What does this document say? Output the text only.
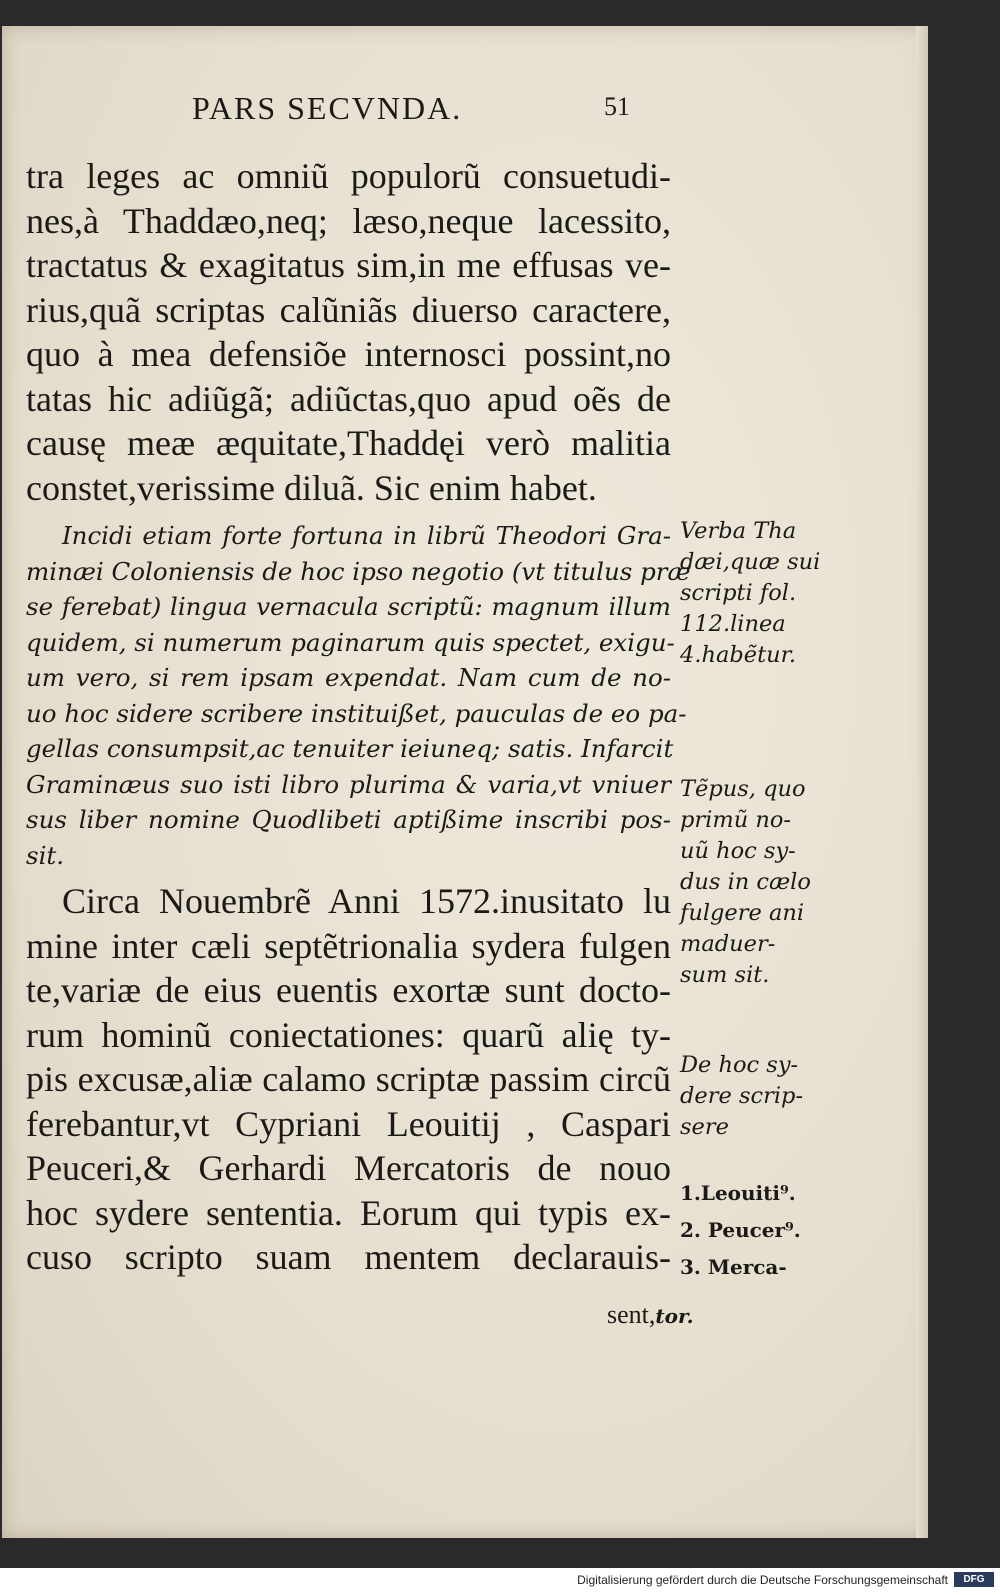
PARS SECVNDA.	51
tra leges ac omniũ populorũ consuetudi-
nes,à Thaddæo,neq; læso,neque lacessito,
tractatus & exagitatus sim,in me effusas ve-
rius,quã scriptas calũniãs diuerso caractere,
quo à mea defensiõe internosci possint,no
tatas hic adiũgã; adiũctas,quo apud oẽs de
causę meæ æquitate,Thaddęi verò malitia
constet,verissime diluã. Sic enim habet.
Incidi etiam forte fortuna in librũ Theodori Gra-
minæi Coloniensis de hoc ipso negotio (vt titulus præ
se ferebat) lingua vernacula scriptũ: magnum illum
quidem, si numerum paginarum quis spectet, exigu-
um vero, si rem ipsam expendat. Nam cum de no-
uo hoc sidere scribere instituißet, pauculas de eo pa-
gellas consumpsit,ac tenuiter ieiuneq; satis. Infarcit
Graminæus suo isti libro plurima & varia,vt vniuer
sus liber nomine Quodlibeti aptißime inscribi pos-
sit.
Circa Nouembrẽ Anni 1572.inusitato lu
mine inter cæli septẽtrionalia sydera fulgen
te,variæ de eius euentis exortæ sunt docto-
rum hominũ coniectationes: quarũ alię ty-
pis excusæ,aliæ calamo scriptæ passim circũ
ferebantur,vt Cypriani Leouitij , Caspari
Peuceri,& Gerhardi Mercatoris de nouo
hoc sydere sententia. Eorum qui typis ex-
cuso scripto suam mentem declarauis-
Verba Tha
dæi,quæ sui
scripti fol.
112.linea
4.habẽtur.
Tẽpus, quo
primũ no-
uũ hoc sy-
dus in cælo
fulgere ani
maduer-
sum sit.
De hoc sy-
dere scrip-
sere
1.Leouiti⁹.
2. Peucer⁹.
3. Merca-
sent,tor.
Digitalisierung gefördert durch die Deutsche Forschungsgemeinschaft	DFG
